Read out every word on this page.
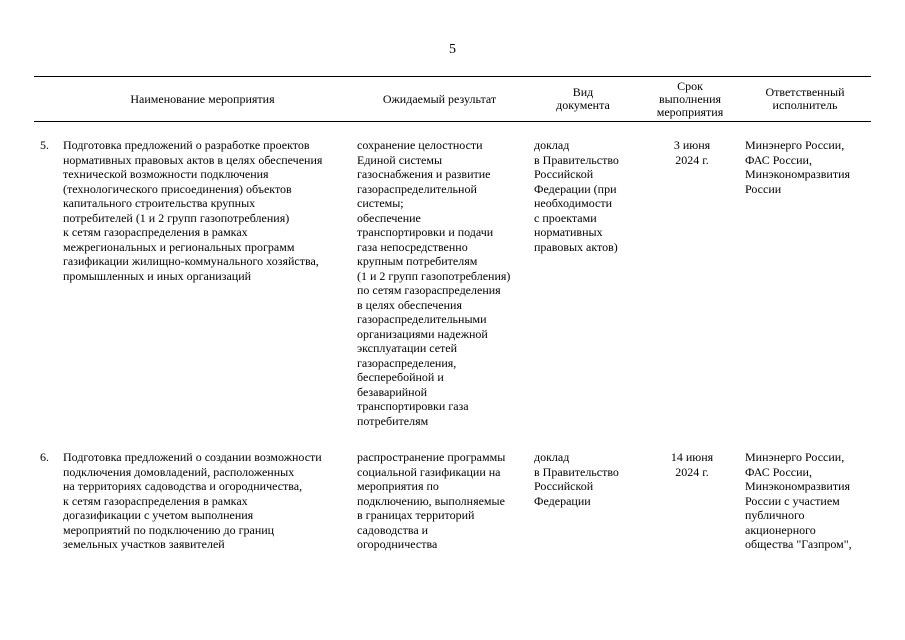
5
Наименование мероприятия	Ожидаемый результат	Вид
документа
Срок
выполнения
мероприятия
Ответственный
исполнитель
5. Подготовка предложений о разработке проектов
нормативных правовых актов в целях обеспечения
технической возможности подключения
(технологического присоединения) объектов
капитального строительства крупных
потребителей (1 и 2 групп газопотребления)
к сетям газораспределения в рамках
межрегиональных и региональных программ
газификации жилищно-коммунального хозяйства,
промышленных и иных организаций
сохранение целостности
Единой системы
газоснабжения и развитие
газораспределительной
системы;
обеспечение
транспортировки и подачи
газа непосредственно
крупным потребителям
(1 и 2 групп газопотребления)
по сетям газораспределения
в целях обеспечения
газораспределительными
организациями надежной
эксплуатации сетей
газораспределения,
бесперебойной и
безаварийной
транспортировки газа
потребителям
доклад
в Правительство
Российской
Федерации (при
необходимости
с проектами
нормативных
правовых актов)
3 июня
2024 г.
Минэнерго России,
ФАС России,
Минэкономразвития
России
6. Подготовка предложений о создании возможности
подключения домовладений, расположенных
на территориях садоводства и огородничества,
к сетям газораспределения в рамках
догазификации с учетом выполнения
мероприятий по подключению до границ
земельных участков заявителей
распространение программы
социальной газификации на
мероприятия по
подключению, выполняемые
в границах территорий
садоводства и
огородничества
доклад
в Правительство
Российской
Федерации
14 июня
2024 г.
Минэнерго России,
ФАС России,
Минэкономразвития
России с участием
публичного
акционерного
общества "Газпром",
